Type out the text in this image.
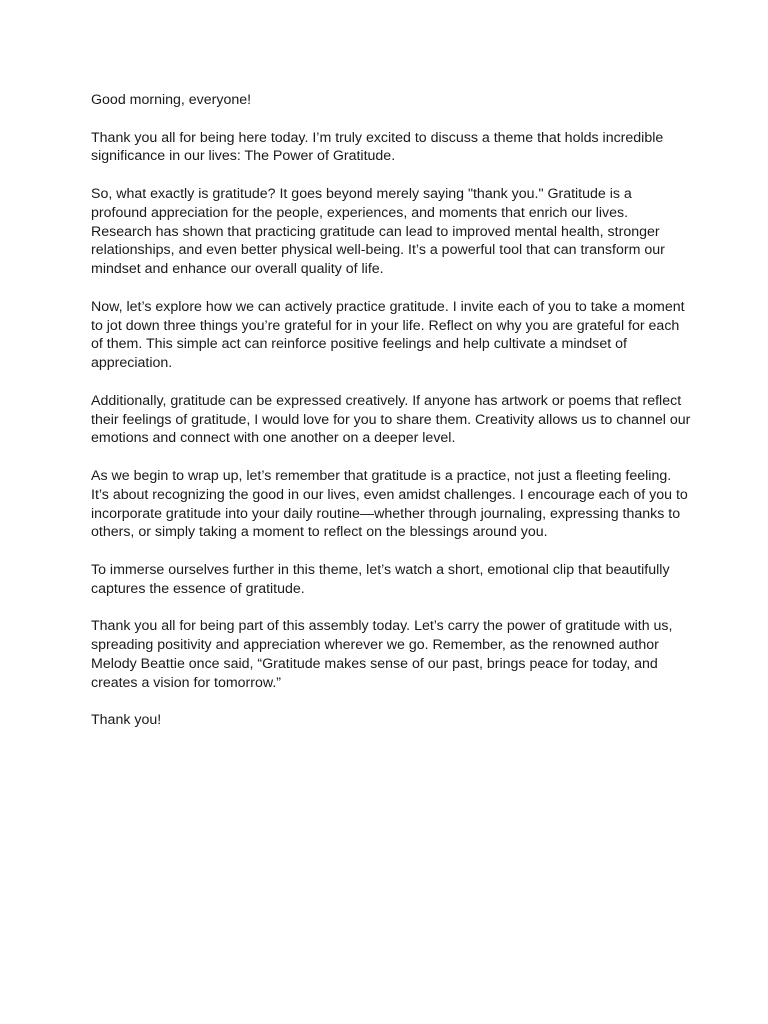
Good morning, everyone!

Thank you all for being here today. I’m truly excited to discuss a theme that holds incredible significance in our lives: The Power of Gratitude.

So, what exactly is gratitude? It goes beyond merely saying "thank you." Gratitude is a profound appreciation for the people, experiences, and moments that enrich our lives. Research has shown that practicing gratitude can lead to improved mental health, stronger relationships, and even better physical well-being. It’s a powerful tool that can transform our mindset and enhance our overall quality of life.

Now, let’s explore how we can actively practice gratitude. I invite each of you to take a moment to jot down three things you’re grateful for in your life. Reflect on why you are grateful for each of them. This simple act can reinforce positive feelings and help cultivate a mindset of appreciation.

Additionally, gratitude can be expressed creatively. If anyone has artwork or poems that reflect their feelings of gratitude, I would love for you to share them. Creativity allows us to channel our emotions and connect with one another on a deeper level.

As we begin to wrap up, let’s remember that gratitude is a practice, not just a fleeting feeling. It’s about recognizing the good in our lives, even amidst challenges. I encourage each of you to incorporate gratitude into your daily routine—whether through journaling, expressing thanks to others, or simply taking a moment to reflect on the blessings around you.

To immerse ourselves further in this theme, let’s watch a short, emotional clip that beautifully captures the essence of gratitude.

Thank you all for being part of this assembly today. Let’s carry the power of gratitude with us, spreading positivity and appreciation wherever we go. Remember, as the renowned author Melody Beattie once said, “Gratitude makes sense of our past, brings peace for today, and creates a vision for tomorrow.”

Thank you!
